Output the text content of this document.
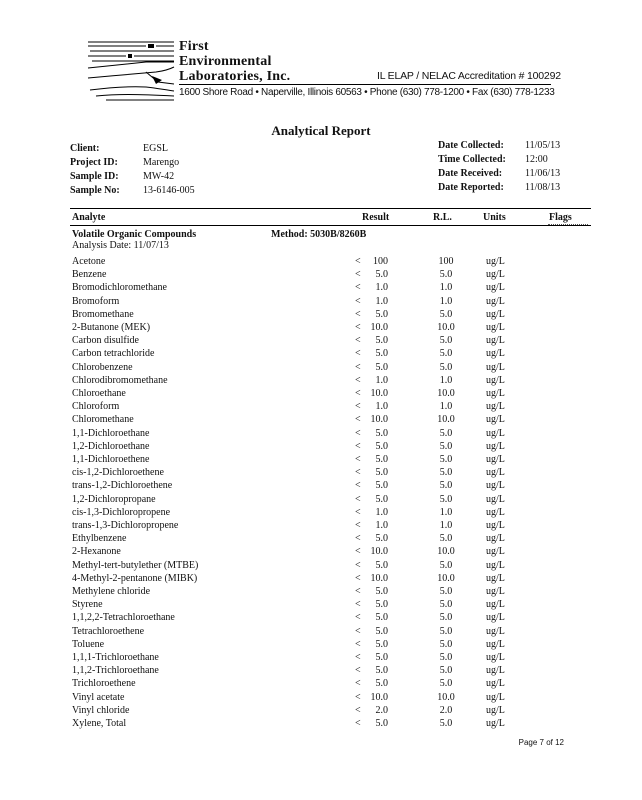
First
Environmental
Laboratories, Inc.	IL ELAP / NELAC Accreditation # 100292
1600 Shore Road • Naperville, Illinois 60563 • Phone (630) 778-1200 • Fax (630) 778-1233
Analytical Report
Client:	EGSL
Project ID:	Marengo
Sample ID: MW-42
Sample No: 13-6146-005
Date Collected: 11/05/13
Time Collected: 12:00
Date Received: 11/06/13
Date Reported: 11/08/13
Analyte	Result	R.L.	Units	Flags
Volatile Organic Compounds	Method: 5030B/8260B
Analysis Date: 11/07/13
Acetone	<	100	100	ug/L
Benzene	<	5.0	5.0	ug/L
Bromodichloromethane	<	1.0	1.0	ug/L
Bromoform	<	1.0	1.0	ug/L
Bromomethane	<	5.0	5.0	ug/L
2-Butanone (MEK)	< 10.0	10.0	ug/L
Carbon disulfide	<	5.0	5.0	ug/L
Carbon tetrachloride	<	5.0	5.0	ug/L
Chlorobenzene	<	5.0	5.0	ug/L
Chlorodibromomethane	<	1.0	1.0	ug/L
Chloroethane	< 10.0	10.0	ug/L
Chloroform	<	1.0	1.0	ug/L
Chloromethane	< 10.0	10.0	ug/L
1,1-Dichloroethane	<	5.0	5.0	ug/L
1,2-Dichloroethane	<	5.0	5.0	ug/L
1,1-Dichloroethene	<	5.0	5.0	ug/L
cis-1,2-Dichloroethene	<	5.0	5.0	ug/L
trans-1,2-Dichloroethene	<	5.0	5.0	ug/L
1,2-Dichloropropane	<	5.0	5.0	ug/L
cis-1,3-Dichloropropene	<	1.0	1.0	ug/L
trans-1,3-Dichloropropene	<	1.0	1.0	ug/L
Ethylbenzene	<	5.0	5.0	ug/L
2-Hexanone	< 10.0	10.0	ug/L
Methyl-tert-butylether (MTBE)	<	5.0	5.0	ug/L
4-Methyl-2-pentanone (MIBK)	< 10.0	10.0	ug/L
Methylene chloride	<	5.0	5.0	ug/L
Styrene	<	5.0	5.0	ug/L
1,1,2,2-Tetrachloroethane	<	5.0	5.0	ug/L
Tetrachloroethene	<	5.0	5.0	ug/L
Toluene	<	5.0	5.0	ug/L
1,1,1-Trichloroethane	<	5.0	5.0	ug/L
1,1,2-Trichloroethane	<	5.0	5.0	ug/L
Trichloroethene	<	5.0	5.0	ug/L
Vinyl acetate	< 10.0	10.0	ug/L
Vinyl chloride	<	2.0	2.0	ug/L
Xylene, Total	<	5.0	5.0	ug/L
Page 7 of 12
